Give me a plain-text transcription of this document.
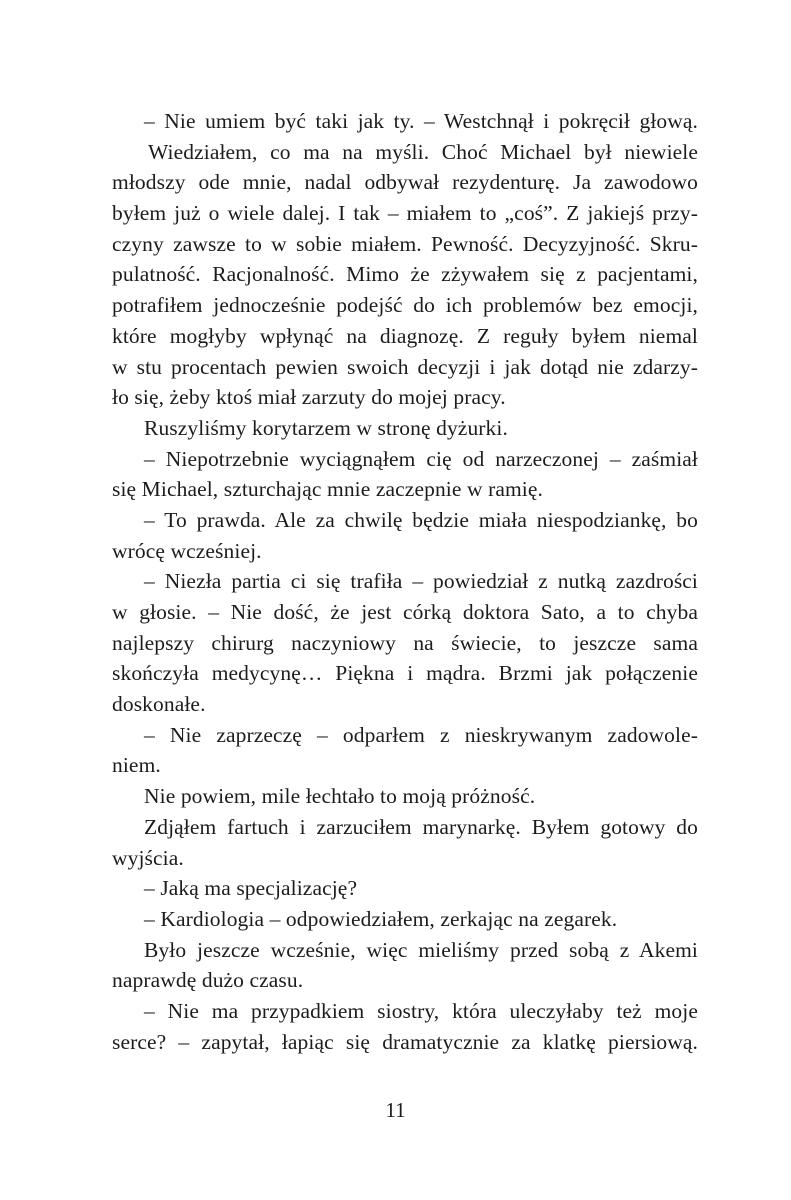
– Nie umiem być taki jak ty. – Westchnął i pokręcił głową.
Wiedziałem, co ma na myśli. Choć Michael był niewiele
młodszy ode mnie, nadal odbywał rezydenturę. Ja zawodowo
byłem już o wiele dalej. I tak – miałem to „coś”. Z jakiejś przy-
czyny zawsze to w sobie miałem. Pewność. Decyzyjność. Skru-
pulatność. Racjonalność. Mimo że zżywałem się z pacjentami,
potrafiłem jednocześnie podejść do ich problemów bez emocji,
które mogłyby wpłynąć na diagnozę. Z reguły byłem niemal
w stu procentach pewien swoich decyzji i jak dotąd nie zdarzy-
ło się, żeby ktoś miał zarzuty do mojej pracy.
Ruszyliśmy korytarzem w stronę dyżurki.
– Niepotrzebnie wyciągnąłem cię od narzeczonej – zaśmiał
się Michael, szturchając mnie zaczepnie w ramię.
– To prawda. Ale za chwilę będzie miała niespodziankę, bo
wrócę wcześniej.
– Niezła partia ci się trafiła – powiedział z nutką zazdrości
w głosie. – Nie dość, że jest córką doktora Sato, a to chyba
najlepszy chirurg naczyniowy na świecie, to jeszcze sama
skończyła medycynę… Piękna i mądra. Brzmi jak połączenie
doskonałe.
– Nie zaprzeczę – odparłem z nieskrywanym zadowole-
niem.
Nie powiem, mile łechtało to moją próżność.
Zdjąłem fartuch i zarzuciłem marynarkę. Byłem gotowy do
wyjścia.
– Jaką ma specjalizację?
– Kardiologia – odpowiedziałem, zerkając na zegarek.
Było jeszcze wcześnie, więc mieliśmy przed sobą z Akemi
naprawdę dużo czasu.
– Nie ma przypadkiem siostry, która uleczyłaby też moje
serce? – zapytał, łapiąc się dramatycznie za klatkę piersiową.
11
